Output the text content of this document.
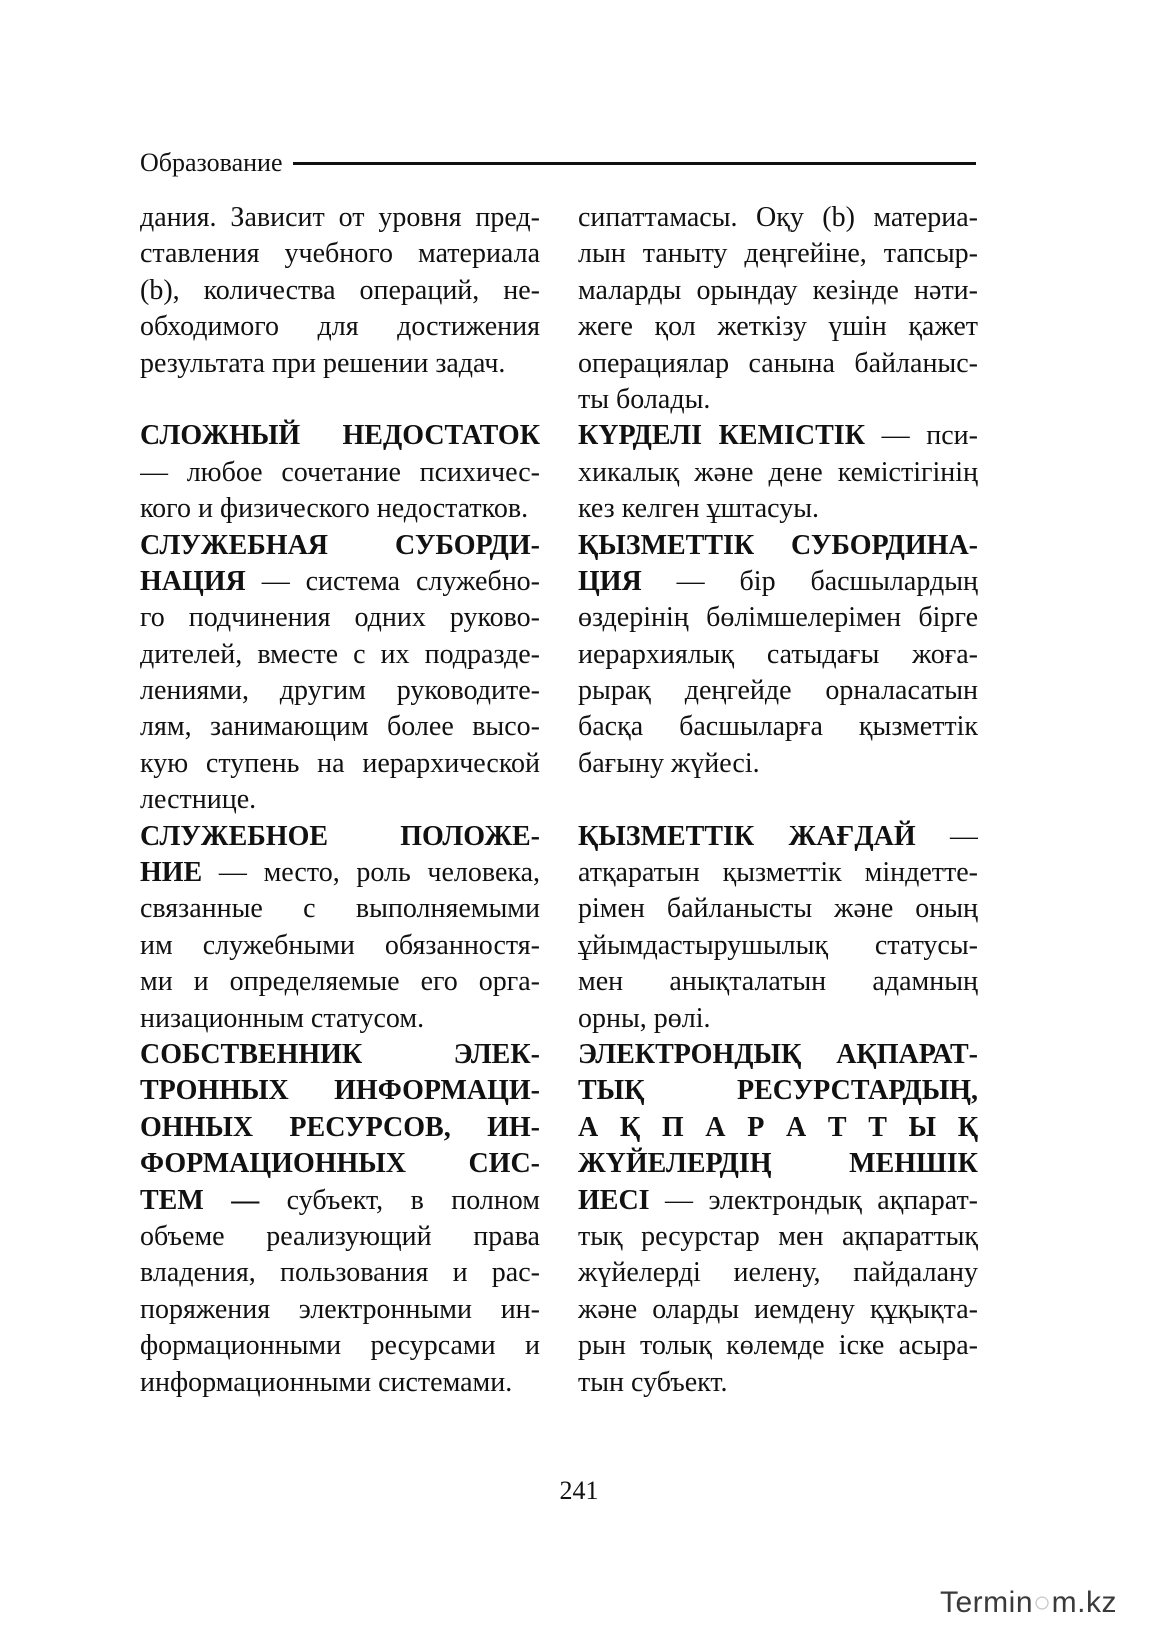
Образование
дания. Зависит от уровня пред-
ставления учебного материала
(b), количества операций, не-
обходимого для достижения
результата при решении задач.
СЛОЖНЫЙ НЕДОСТАТОК
— любое сочетание психичес-
кого и физического недостатков.
СЛУЖЕБНАЯ СУБОРДИ-
НАЦИЯ — система служебно-
го подчинения одних руково-
дителей, вместе с их подразде-
лениями, другим руководите-
лям, занимающим более высо-
кую ступень на иерархической
лестнице.
СЛУЖЕБНОЕ	ПОЛОЖЕ-
НИЕ — место, роль человека,
связанные с выполняемыми
им служебными обязанностя-
ми и определяемые его орга-
низационным статусом.
СОБСТВЕННИК	ЭЛЕК-
ТРОННЫХ ИНФОРМАЦИ-
ОННЫХ РЕСУРСОВ, ИН-
ФОРМАЦИОННЫХ СИС-
ТЕМ — субъект, в полном
объеме реализующий права
владения, пользования и рас-
поряжения электронными ин-
формационными ресурсами и
информационными системами.
сипаттамасы. Оқу (b) материа-
лын таныту деңгейіне, тапсыр-
маларды орындау кезінде нәти-
жеге қол жеткізу үшін қажет
операциялар санына байланыс-
ты болады.
КҮРДЕЛІ КЕМІСТІК — пси-
хикалық және дене кемістігінің
кез келген ұштасуы.
ҚЫЗМЕТТІК СУБОРДИНА-
ЦИЯ — бір басшылардың
өздерінің бөлімшелерімен бірге
иерархиялық сатыдағы жоға-
рырақ деңгейде орналасатын
басқа басшыларға қызметтік
бағыну жүйесі.
ҚЫЗМЕТТІК ЖАҒДАЙ —
атқаратын қызметтік міндетте-
рімен байланысты және оның
ұйымдастырушылық статусы-
мен анықталатын адамның
орны, рөлі.
ЭЛЕКТРОНДЫҚ АҚПАРАТ-
ТЫҚ	РЕСУРСТАРДЫҢ,
А Қ П А Р А Т Т Ы Қ
ЖҮЙЕЛЕРДІҢ	МЕНШІК
ИЕСІ — электрондық ақпарат-
тық ресурстар мен ақпараттық
жүйелерді иелену, пайдалану
және оларды иемдену құқықта-
рын толық көлемде іске асыра-
тын субъект.
241
Termin○m.kz
